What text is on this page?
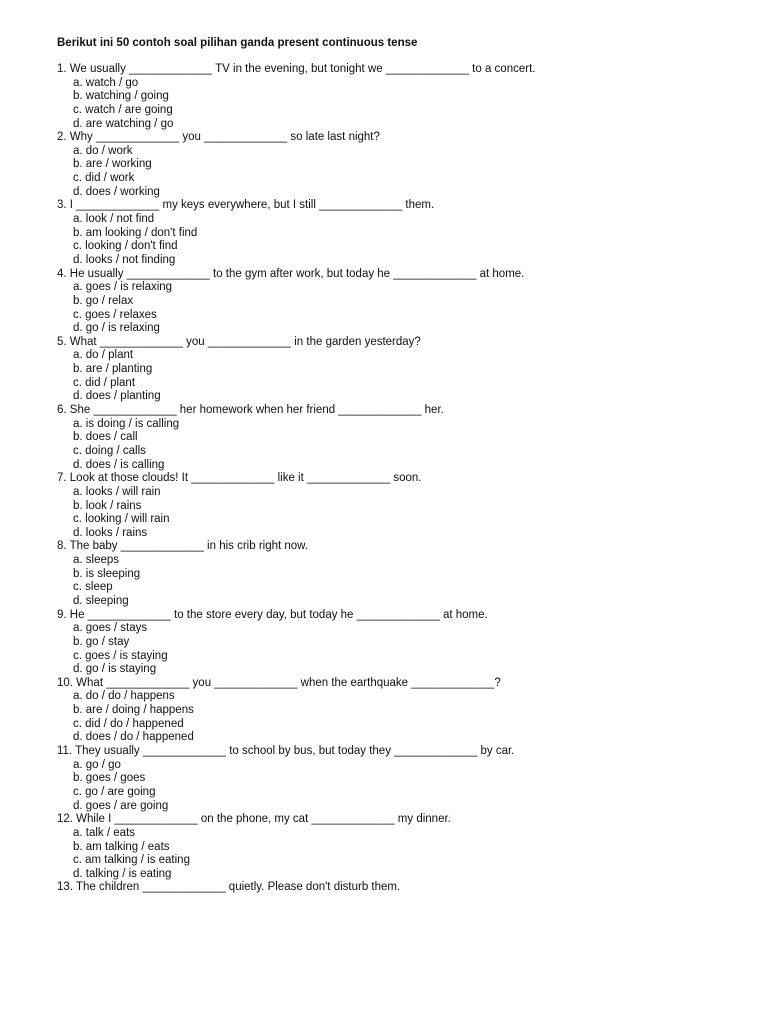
Berikut ini 50 contoh soal pilihan ganda present continuous tense
1. We usually _____________ TV in the evening, but tonight we _____________ to a concert.
a. watch / go
b. watching / going
c. watch / are going
d. are watching / go
2. Why _____________ you _____________ so late last night?
a. do / work
b. are / working
c. did / work
d. does / working
3. I _____________ my keys everywhere, but I still _____________ them.
a. look / not find
b. am looking / don't find
c. looking / don't find
d. looks / not finding
4. He usually _____________ to the gym after work, but today he _____________ at home.
a. goes / is relaxing
b. go / relax
c. goes / relaxes
d. go / is relaxing
5. What _____________ you _____________ in the garden yesterday?
a. do / plant
b. are / planting
c. did / plant
d. does / planting
6. She _____________ her homework when her friend _____________ her.
a. is doing / is calling
b. does / call
c. doing / calls
d. does / is calling
7. Look at those clouds! It _____________ like it _____________ soon.
a. looks / will rain
b. look / rains
c. looking / will rain
d. looks / rains
8. The baby _____________ in his crib right now.
a. sleeps
b. is sleeping
c. sleep
d. sleeping
9. He _____________ to the store every day, but today he _____________ at home.
a. goes / stays
b. go / stay
c. goes / is staying
d. go / is staying
10. What _____________ you _____________ when the earthquake _____________?
a. do / do / happens
b. are / doing / happens
c. did / do / happened
d. does / do / happened
11. They usually _____________ to school by bus, but today they _____________ by car.
a. go / go
b. goes / goes
c. go / are going
d. goes / are going
12. While I _____________ on the phone, my cat _____________ my dinner.
a. talk / eats
b. am talking / eats
c. am talking / is eating
d. talking / is eating
13. The children _____________ quietly. Please don't disturb them.
